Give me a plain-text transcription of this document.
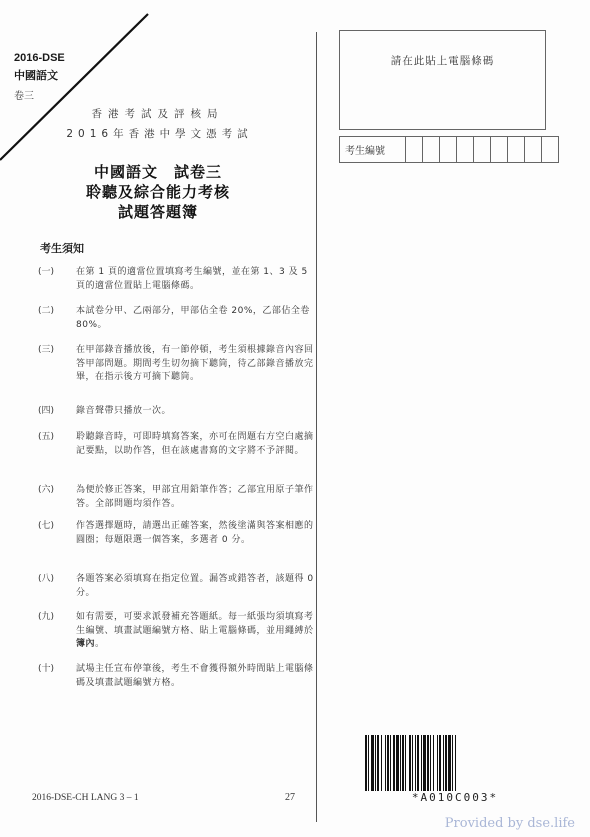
2016-DSE
中國語文
卷三
香港考試及評核局
2016年香港中學文憑考試
中國語文　試卷三
聆聽及綜合能力考核
試題答題簿
考生須知
(一)	在第 1 頁的適當位置填寫考生編號，並在第 1、3 及 5 頁的適當位置貼上電腦條碼。
(二)	本試卷分甲、乙兩部分，甲部佔全卷 20%，乙部佔全卷 80%。
(三)	在甲部錄音播放後，有一節停頓，考生須根據錄音內容回答甲部問題。期間考生切勿摘下聽筒，待乙部錄音播放完畢，在指示後方可摘下聽筒。
(四)	錄音聲帶只播放一次。
(五)	聆聽錄音時，可即時填寫答案，亦可在問題右方空白處摘記要點，以助作答，但在該處書寫的文字將不予評閱。
(六)	為便於修正答案，甲部宜用鉛筆作答；乙部宜用原子筆作答。全部問題均須作答。
(七)	作答選擇題時，請選出正確答案，然後塗滿與答案相應的圓圈；每題限選一個答案，多選者 0 分。
(八)	各題答案必須填寫在指定位置。漏答或錯答者，該題得 0 分。
(九)	如有需要，可要求派發補充答題紙。每一紙張均須填寫考生編號、填畫試題編號方格、貼上電腦條碼，並用繩縛於簿內。
(十)	試場主任宣布停筆後，考生不會獲得額外時間貼上電腦條碼及填畫試題編號方格。
請在此貼上電腦條碼
考生編號
2016-DSE-CH LANG 3 – 1	27	*A010C003*
Provided by dse.life
